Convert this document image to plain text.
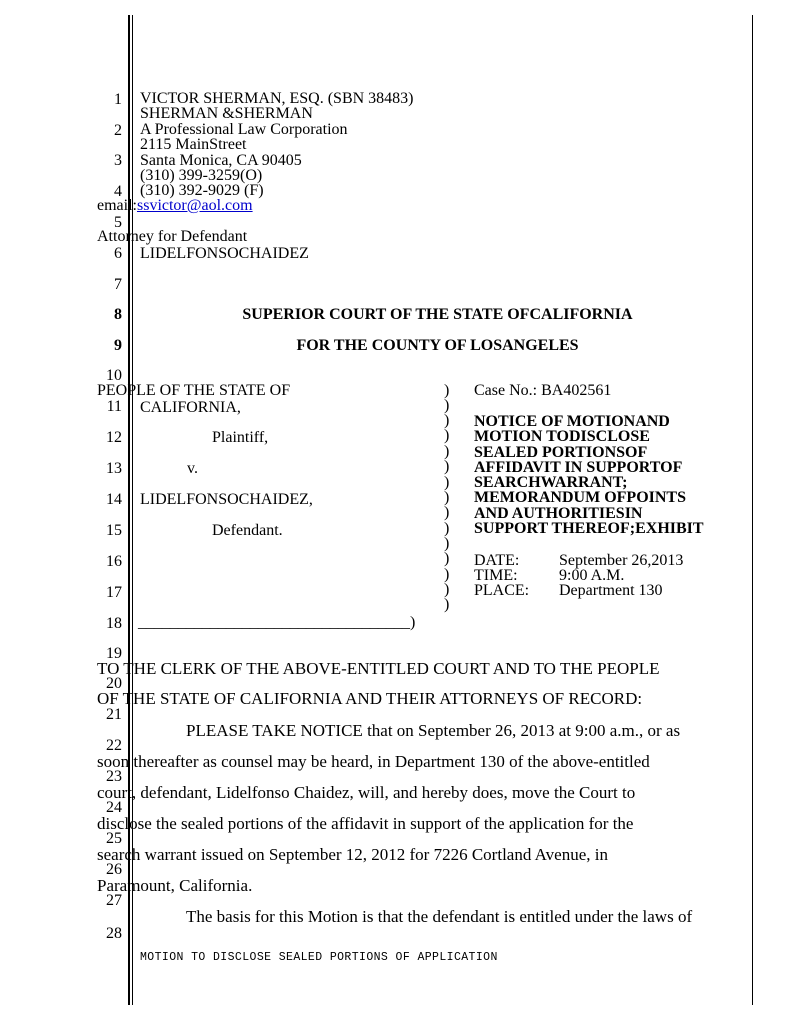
1
2
3
4
5
6
7
8
9
10
11
12
13
14
15
16
17
18
19
20
21
22
23
24
25
26
27
28
VICTOR SHERMAN, ESQ. (SBN 38483)
SHERMAN &SHERMAN
A Professional Law Corporation
2115 MainStreet
Santa Monica, CA 90405
(310) 399-3259(O)
(310) 392-9029 (F)
email:ssvictor@aol.com
Attorney for Defendant
LIDELFONSOCHAIDEZ
SUPERIOR COURT OF THE STATE OFCALIFORNIA
FOR THE COUNTY OF LOSANGELES
PEOPLE OF THE STATE OF
CALIFORNIA,
Plaintiff,
v.
LIDELFONSOCHAIDEZ,
Defendant.
__________________________________)
)
)
)
)
)
)
)
)
)
)
)
)
)
)
)
Case No.: BA402561
NOTICE OF MOTIONAND
MOTION TODISCLOSE
SEALED PORTIONSOF
AFFIDAVIT IN SUPPORTOF
SEARCHWARRANT;
MEMORANDUM OFPOINTS
AND AUTHORITIESIN
SUPPORT THEREOF;EXHIBIT
DATE: September 26,2013
TIME:	9:00 A.M.
PLACE: Department 130
TO THE CLERK OF THE ABOVE-ENTITLED COURT AND TO THE PEOPLE
OF THE STATE OF CALIFORNIA AND THEIR ATTORNEYS OF RECORD:
PLEASE TAKE NOTICE that on September 26, 2013 at 9:00 a.m., or as
soon thereafter as counsel may be heard, in Department 130 of the above-entitled
court, defendant, Lidelfonso Chaidez, will, and hereby does, move the Court to
disclose the sealed portions of the affidavit in support of the application for the
search warrant issued on September 12, 2012 for 7226 Cortland Avenue, in
Paramount, California.
The basis for this Motion is that the defendant is entitled under the laws of
MOTION TO DISCLOSE SEALED PORTIONS OF APPLICATION
